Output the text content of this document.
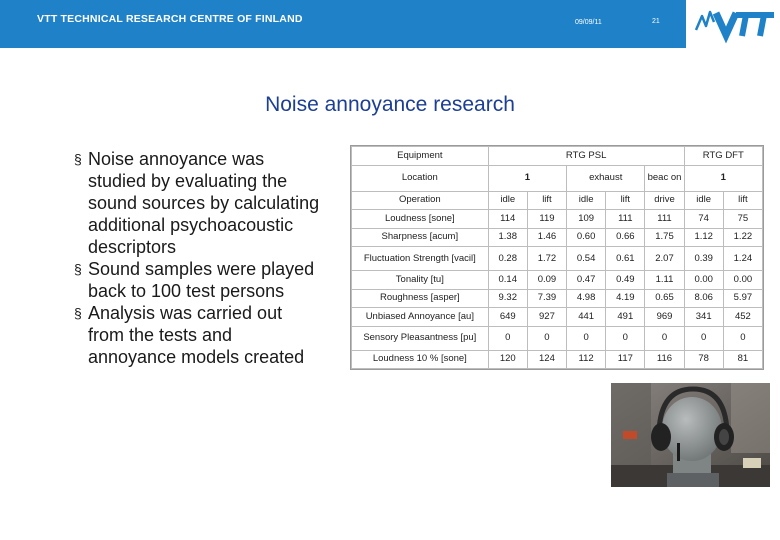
VTT TECHNICAL RESEARCH CENTRE OF FINLAND	09/09/11	21
Noise annoyance research
§ Noise annoyance was studied by evaluating the sound sources by calculating additional psychoacoustic descriptors
§ Sound samples were played back to 100 test persons
§ Analysis was carried out from the tests and annoyance models created
Equipment	RTG PSL					RTG DFT	
Location	1		exhaust		beac on	1	
Operation	idle	lift	idle	lift	drive	idle	lift
Loudness [sone]	114	119	109	111	111	74	75
Sharpness [acum]	1.38	1.46	0.60	0.66	1.75	1.12	1.22
Fluctuation Strength [vacil]	0.28	1.72	0.54	0.61	2.07	0.39	1.24
Tonality [tu]	0.14	0.09	0.47	0.49	1.11	0.00	0.00
Roughness [asper]	9.32	7.39	4.98	4.19	0.65	8.06	5.97
Unbiased Annoyance [au]	649	927	441	491	969	341	452
Sensory Pleasantness [pu]	0	0	0	0	0	0	0
Loudness 10 % [sone]	120	124	112	117	116	78	81
